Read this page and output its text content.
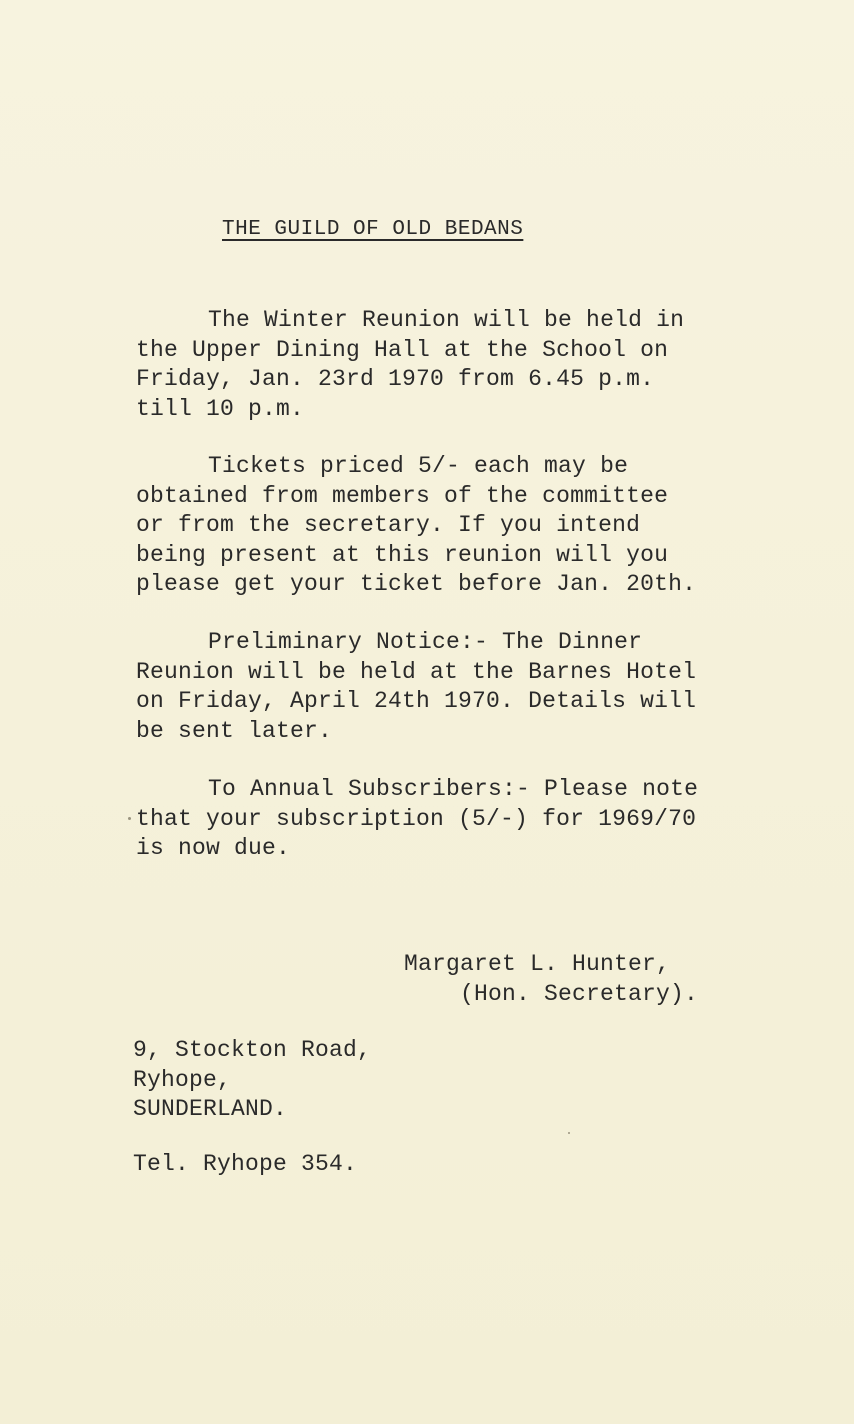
THE GUILD OF OLD BEDANS
The Winter Reunion will be held in
the Upper Dining Hall at the School on
Friday, Jan. 23rd 1970 from 6.45 p.m.
till 10 p.m.
Tickets priced 5/- each may be
obtained from members of the committee
or from the secretary. If you intend
being present at this reunion will you
please get your ticket before Jan. 20th.
Preliminary Notice:- The Dinner
Reunion will be held at the Barnes Hotel
on Friday, April 24th 1970. Details will
be sent later.
To Annual Subscribers:- Please note
that your subscription (5/-) for 1969/70
is now due.
Margaret L. Hunter,
(Hon. Secretary).
9, Stockton Road,
Ryhope,
SUNDERLAND.
Tel. Ryhope 354.
